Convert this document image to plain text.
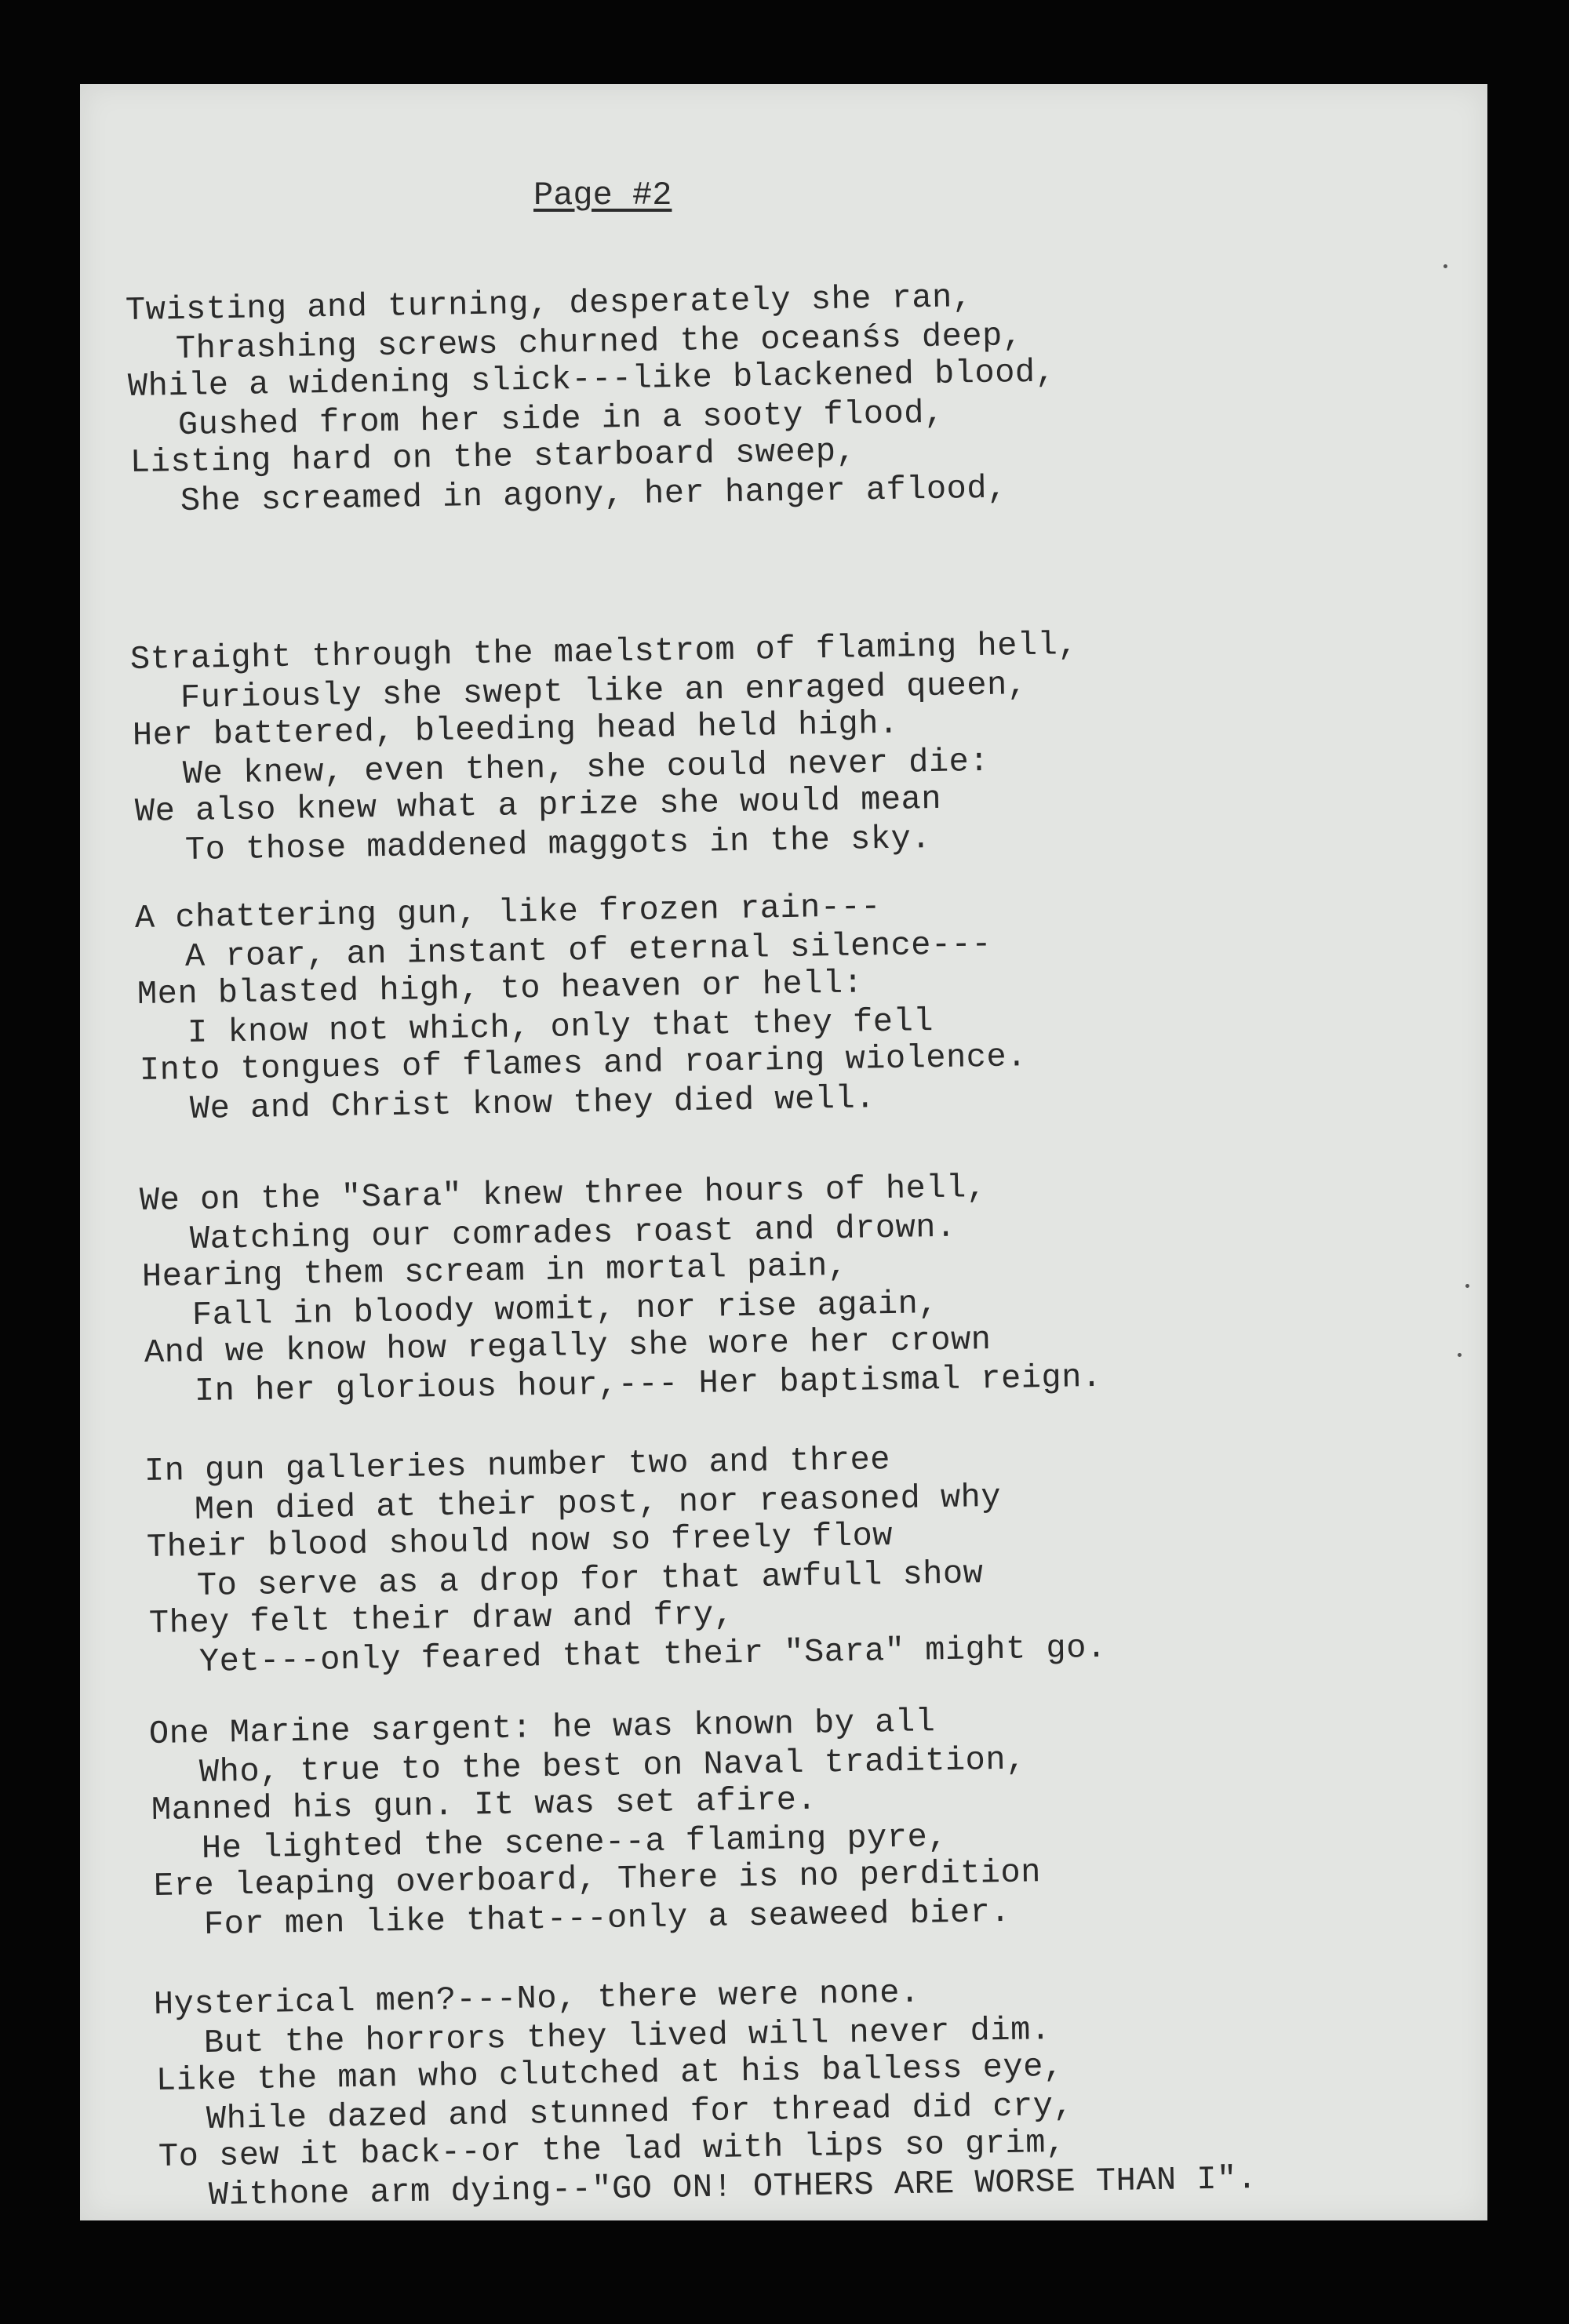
Page #2
Twisting and turning, desperately she ran,
Thrashing screws churned the oceanśs deep,
While a widening slick---like blackened blood,
Gushed from her side in a sooty flood,
Listing hard on the starboard sweep,
She screamed in agony, her hanger aflood,
Straight through the maelstrom of flaming hell,
Furiously she swept like an enraged queen,
Her battered, bleeding head held high.
We knew, even then, she could never die:
We also knew what a prize she would mean
To those maddened maggots in the sky.
A chattering gun, like frozen rain---
A roar, an instant of eternal silence---
Men blasted high, to heaven or hell:
I know not which, only that they fell
Into tongues of flames and roaring wiolence.
We and Christ know they died well.
We on the "Sara" knew three hours of hell,
Watching our comrades roast and drown.
Hearing them scream in mortal pain,
Fall in bloody womit, nor rise again,
And we know how regally she wore her crown
In her glorious hour,--- Her baptismal reign.
In gun galleries number two and three
Men died at their post, nor reasoned why
Their blood should now so freely flow
To serve as a drop for that awfull show
They felt their draw and fry,
Yet---only feared that their "Sara" might go.
One Marine sargent: he was known by all
Who, true to the best on Naval tradition,
Manned his gun. It was set afire.
He lighted the scene--a flaming pyre,
Ere leaping overboard, There is no perdition
For men like that---only a seaweed bier.
Hysterical men?---No, there were none.
But the horrors they lived will never dim.
Like the man who clutched at his balless eye,
While dazed and stunned for thread did cry,
To sew it back--or the lad with lips so grim,
Withone arm dying--"GO ON! OTHERS ARE WORSE THAN I".
